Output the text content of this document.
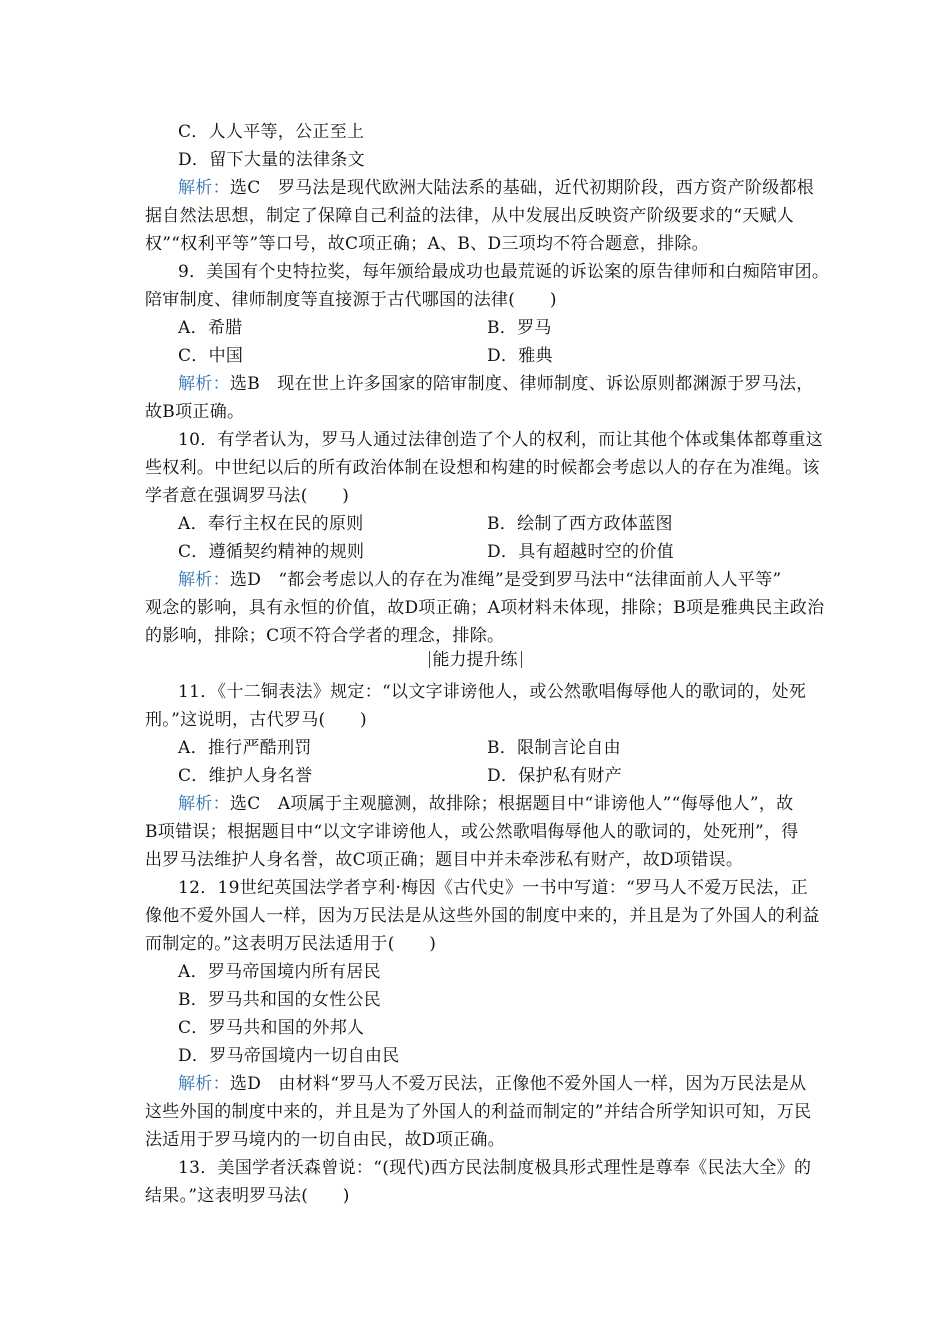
C．人人平等，公正至上
D．留下大量的法律条文
解析：选C　罗马法是现代欧洲大陆法系的基础，近代初期阶段，西方资产阶级都根
据自然法思想，制定了保障自己利益的法律，从中发展出反映资产阶级要求的“天赋人
权”“权利平等”等口号，故C项正确；A、B、D三项均不符合题意，排除。
9．美国有个史特拉奖，每年颁给最成功也最荒诞的诉讼案的原告律师和白痴陪审团。
陪审制度、律师制度等直接源于古代哪国的法律(　　)
A．希腊	B．罗马
C．中国	D．雅典
解析：选B　现在世上许多国家的陪审制度、律师制度、诉讼原则都渊源于罗马法，
故B项正确。
10．有学者认为，罗马人通过法律创造了个人的权利，而让其他个体或集体都尊重这
些权利。中世纪以后的所有政治体制在设想和构建的时候都会考虑以人的存在为准绳。该
学者意在强调罗马法(　　)
A．奉行主权在民的原则	B．绘制了西方政体蓝图
C．遵循契约精神的规则	D．具有超越时空的价值
解析：选D　“都会考虑以人的存在为准绳”是受到罗马法中“法律面前人人平等”
观念的影响，具有永恒的价值，故D项正确；A项材料未体现，排除；B项是雅典民主政治
的影响，排除；C项不符合学者的理念，排除。
能力提升练
11．《十二铜表法》规定：“以文字诽谤他人，或公然歌唱侮辱他人的歌词的，处死
刑。”这说明，古代罗马(　　)
A．推行严酷刑罚	B．限制言论自由
C．维护人身名誉	D．保护私有财产
解析：选C　A项属于主观臆测，故排除；根据题目中“诽谤他人”“侮辱他人”，故
B项错误；根据题目中“以文字诽谤他人，或公然歌唱侮辱他人的歌词的，处死刑”，得
出罗马法维护人身名誉，故C项正确；题目中并未牵涉私有财产，故D项错误。
12．19世纪英国法学者亨利·梅因《古代史》一书中写道：“罗马人不爱万民法，正
像他不爱外国人一样，因为万民法是从这些外国的制度中来的，并且是为了外国人的利益
而制定的。”这表明万民法适用于(　　)
A．罗马帝国境内所有居民
B．罗马共和国的女性公民
C．罗马共和国的外邦人
D．罗马帝国境内一切自由民
解析：选D　由材料“罗马人不爱万民法，正像他不爱外国人一样，因为万民法是从
这些外国的制度中来的，并且是为了外国人的利益而制定的”并结合所学知识可知，万民
法适用于罗马境内的一切自由民，故D项正确。
13．美国学者沃森曾说：“(现代)西方民法制度极具形式理性是尊奉《民法大全》的
结果。”这表明罗马法(　　)
